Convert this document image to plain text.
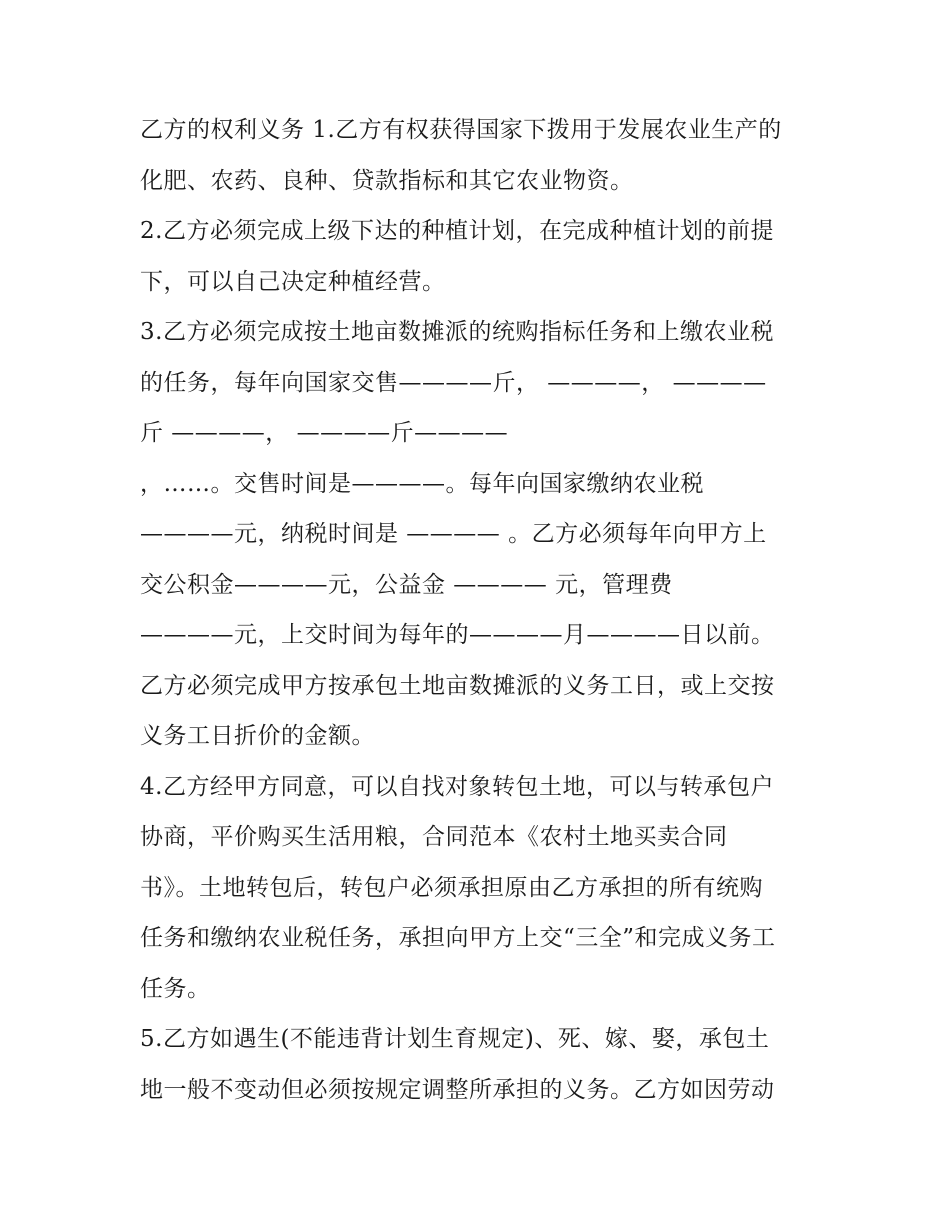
乙方的权利义务 1.乙方有权获得国家下拨用于发展农业生产的
化肥、农药、良种、贷款指标和其它农业物资。
2.乙方必须完成上级下达的种植计划，在完成种植计划的前提
下，可以自己决定种植经营。
3.乙方必须完成按土地亩数摊派的统购指标任务和上缴农业税
的任务，每年向国家交售————斤， ————， ————
斤 ————， ————斤————
，……。交售时间是————。每年向国家缴纳农业税
————元，纳税时间是 ———— 。乙方必须每年向甲方上
交公积金————元，公益金 ———— 元，管理费
————元，上交时间为每年的————月————日以前。
乙方必须完成甲方按承包土地亩数摊派的义务工日，或上交按
义务工日折价的金额。
4.乙方经甲方同意，可以自找对象转包土地，可以与转承包户
协商，平价购买生活用粮，合同范本《农村土地买卖合同
书》。土地转包后，转包户必须承担原由乙方承担的所有统购
任务和缴纳农业税任务，承担向甲方上交“三全”和完成义务工
任务。
5.乙方如遇生(不能违背计划生育规定)、死、嫁、娶，承包土
地一般不变动但必须按规定调整所承担的义务。乙方如因劳动
